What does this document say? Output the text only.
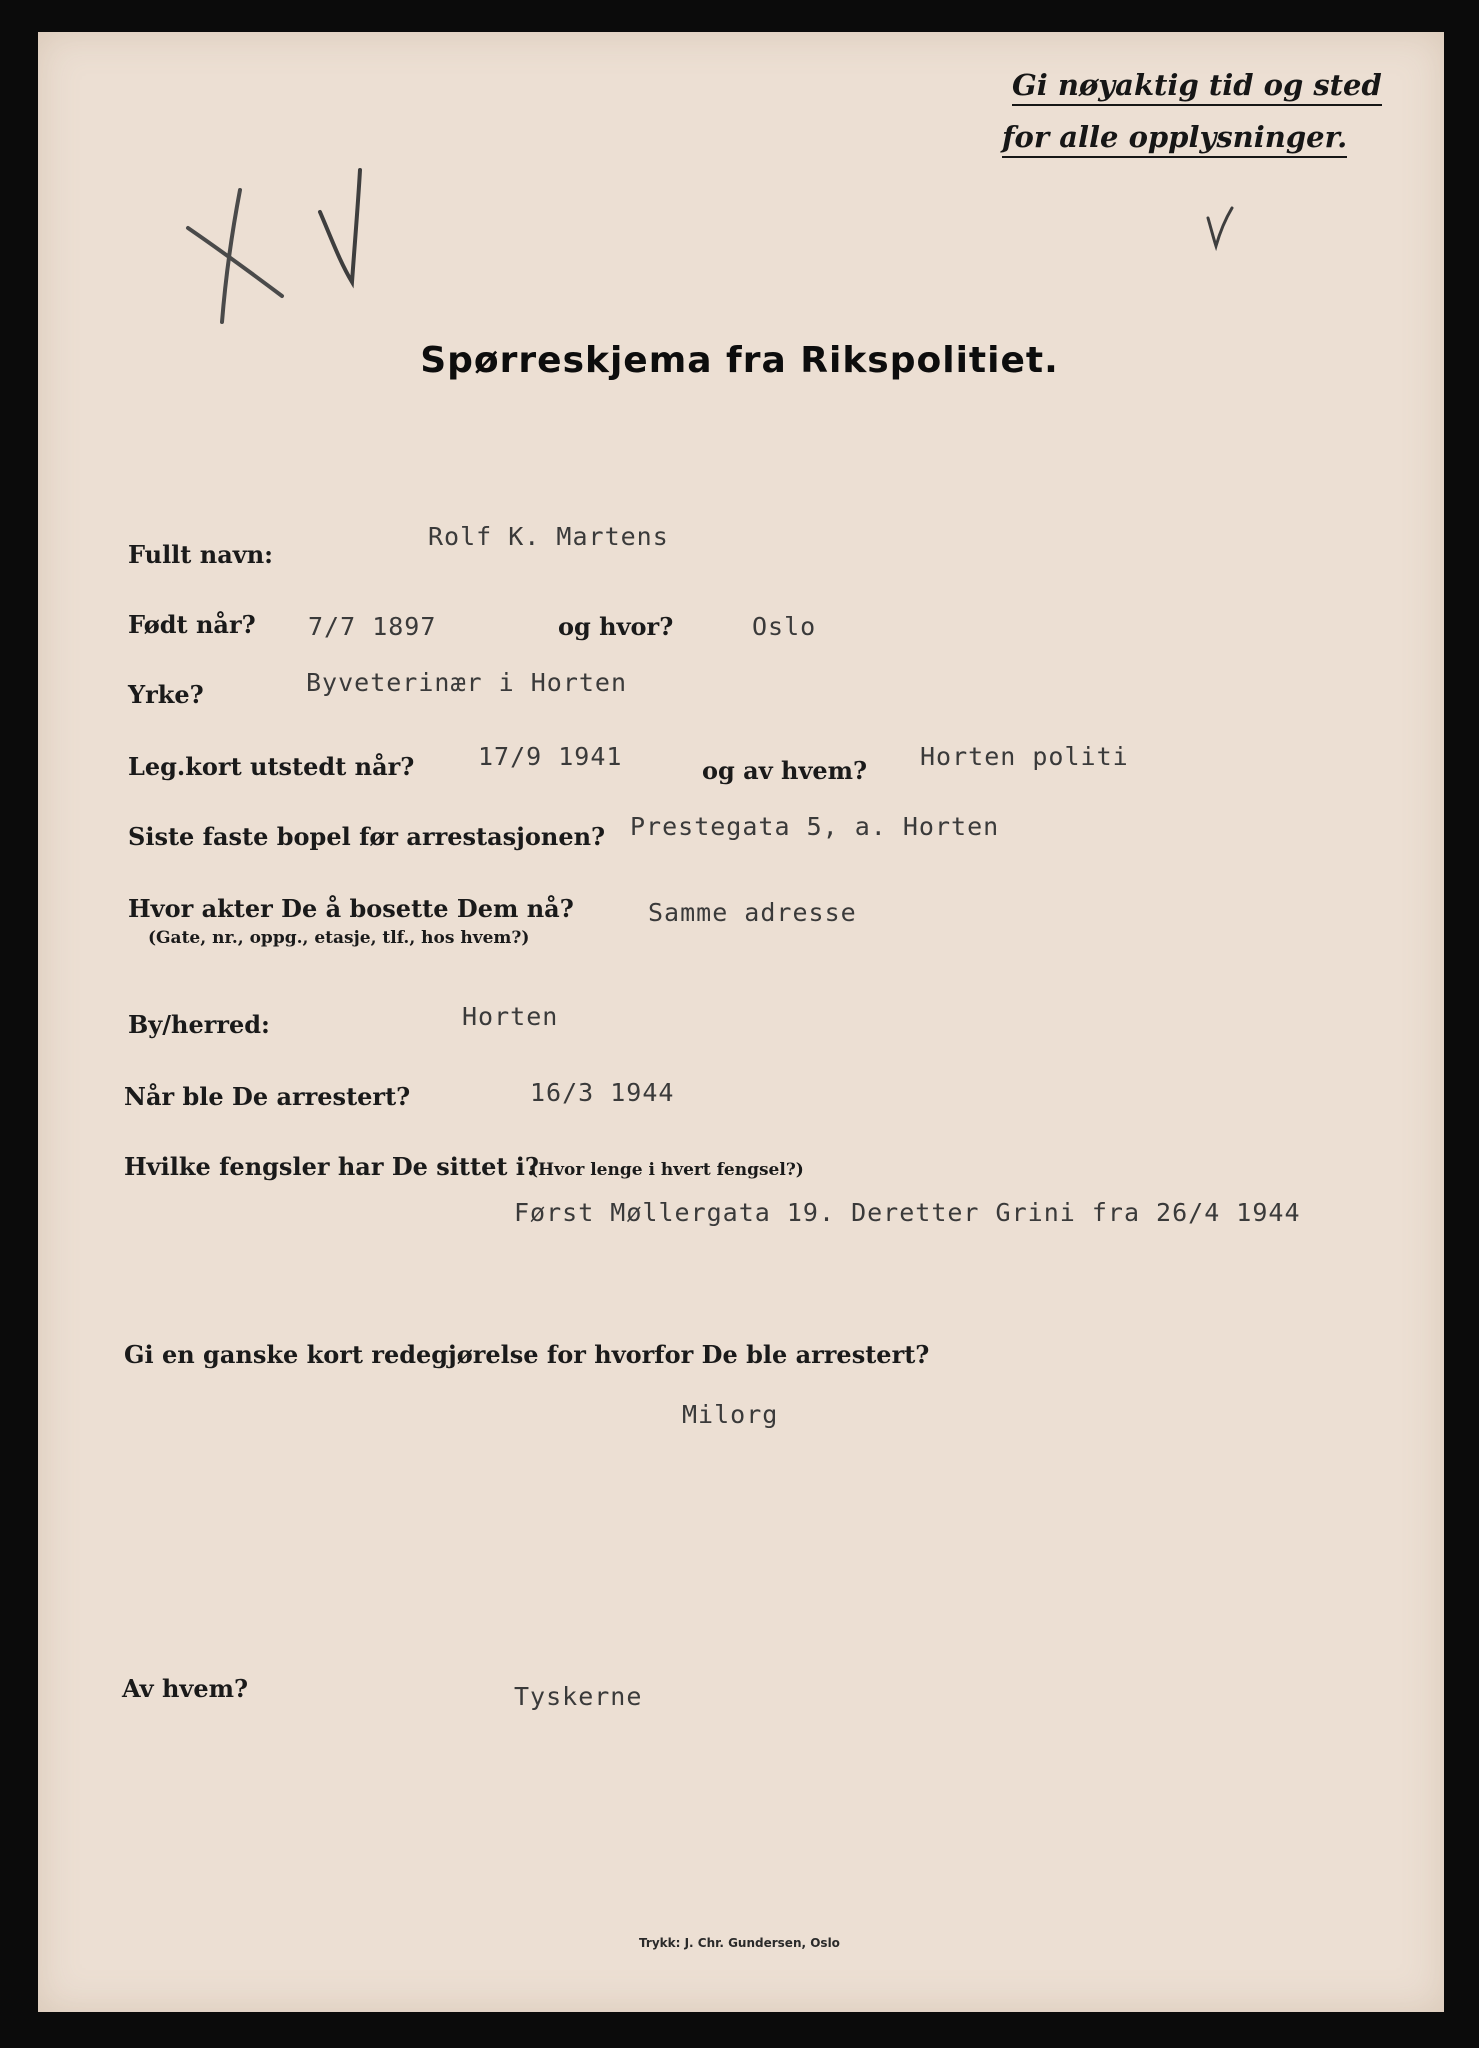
Gi nøyaktig tid og sted
for alle opplysninger.
Spørreskjema fra Rikspolitiet.
Fullt navn:
Rolf K. Martens
Født når? 7/7 1897	og hvor?	Oslo
Yrke?	Byveterinær i Horten
Leg.kort utstedt når?	17/9 1941	og av hvem? Horten politi
Siste faste bopel før arrestasjonen? Prestegata 5, a. Horten
Hvor akter De å bosette Dem nå?
(Gate, nr., oppg., etasje, tlf., hos hvem?)
Samme adresse
By/herred:	Horten
Når ble De arrestert?	16/3 1944
Hvilke fengsler har De sittet i?
(Hvor lenge i hvert fengsel?)
Først Møllergata 19. Deretter Grini fra 26/4 1944
Gi en ganske kort redegjørelse for hvorfor De ble arrestert?
Milorg
Av hvem?	Tyskerne
Trykk: J. Chr. Gundersen, Oslo
